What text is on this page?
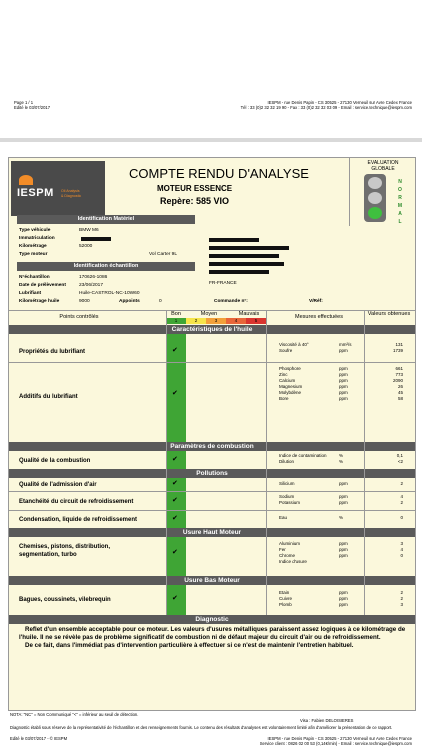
Page 1 / 1
Edité le 03/07/2017
IESPM - rue Denis Papin - CS 30525 - 27130 Verneuil sur Avre Cedex France
Tél : 33 (0)2 32 32 19 90 - Fax : 33 (0)2 32 32 03 09 - Email : service.technique@iespm.com
IESPM Oil Analysis
& Diagnostic
COMPTE RENDU D'ANALYSE
MOTEUR ESSENCE
Repère: 585 VIO
EVALUATION
GLOBALE
N
O
R
M
A
L
Identification Matériel
Type véhicule	BMW M6
Immatriculation
Kilométrage	52000
Type moteur	Vol Carter 9L
Identification échantillon
N°échantillon	170626-1086
Date de prélèvement	23/06/2017
Lubrifiant	Huile-CASTROL-NC-10W60
Kilométrage huile	9000	Appoints	0
FR-FRANCE
Commande n°:	V/Réf:
Points contrôlés	Bon	Moyen	Mauvais	Mesures effectuées	Valeurs obtenues
1	2	3	4	5
Caractéristiques de l'huile
Propriétés du lubrifiant	✔
Viscosité à 40°	mm²/s	131
Soufre	ppm	1739
Additifs du lubrifiant	✔
Phosphore	ppm	661
Zinc	ppm	773
Calcium	ppm	2090
Magnesium	ppm	26
Molybdène	ppm	45
Bore	ppm	58
Paramètres de combustion
Qualité de la combustion	✔
Indice de contamination	%	0,1
Dilution	%	<2
Pollutions
Qualité de l'admission d'air	✔	Silicium	ppm	2
Etanchéité du circuit de refroidissement	✔
Sodium	ppm	4
Potassium	ppm	2
Condensation, liquide de refroidissement	✔	Eau	%	0
Usure Haut Moteur
Chemises, pistons, distribution, segmentation, turbo	✔
Aluminium	ppm	3
Fer	ppm	4
Chrome	ppm	0
Indice d'usure
Usure Bas Moteur
Bagues, coussinets, vilebrequin	✔
Etain	ppm	2
Cuivre	ppm	2
Plomb	ppm	3
Diagnostic
Reflet d'un ensemble acceptable pour ce moteur. Les valeurs d'usures métalliques paraissent assez logiques à ce kilométrage de l'huile. Il ne se révèle pas de problème significatif de combustion ni de défaut majeur du circuit d'air ou de refroidissement.
De ce fait, dans l'immédiat pas d'intervention particulière à effectuer si ce n'est de maintenir l'entretien habituel.
NOTA: "NC" = Non Communiqué "<" = inférieur au seuil de détection.
Visa : Fabien DELOISIERES
Diagnostic établi sous réserve de la représentativité de l'échantillon et des renseignements fournis. Le contenu des résultats d'analyses est volontairement limité afin d'améliorer la présentation de ce rapport.
Edité le 03/07/2017 - © IESPM	IESPM - rue Denis Papin - CS 30525 - 27130 Verneuil sur Avre Cedex France
Service client : 0826 02 00 53 (0,14€/min) - Email : service.technique@iespm.com
